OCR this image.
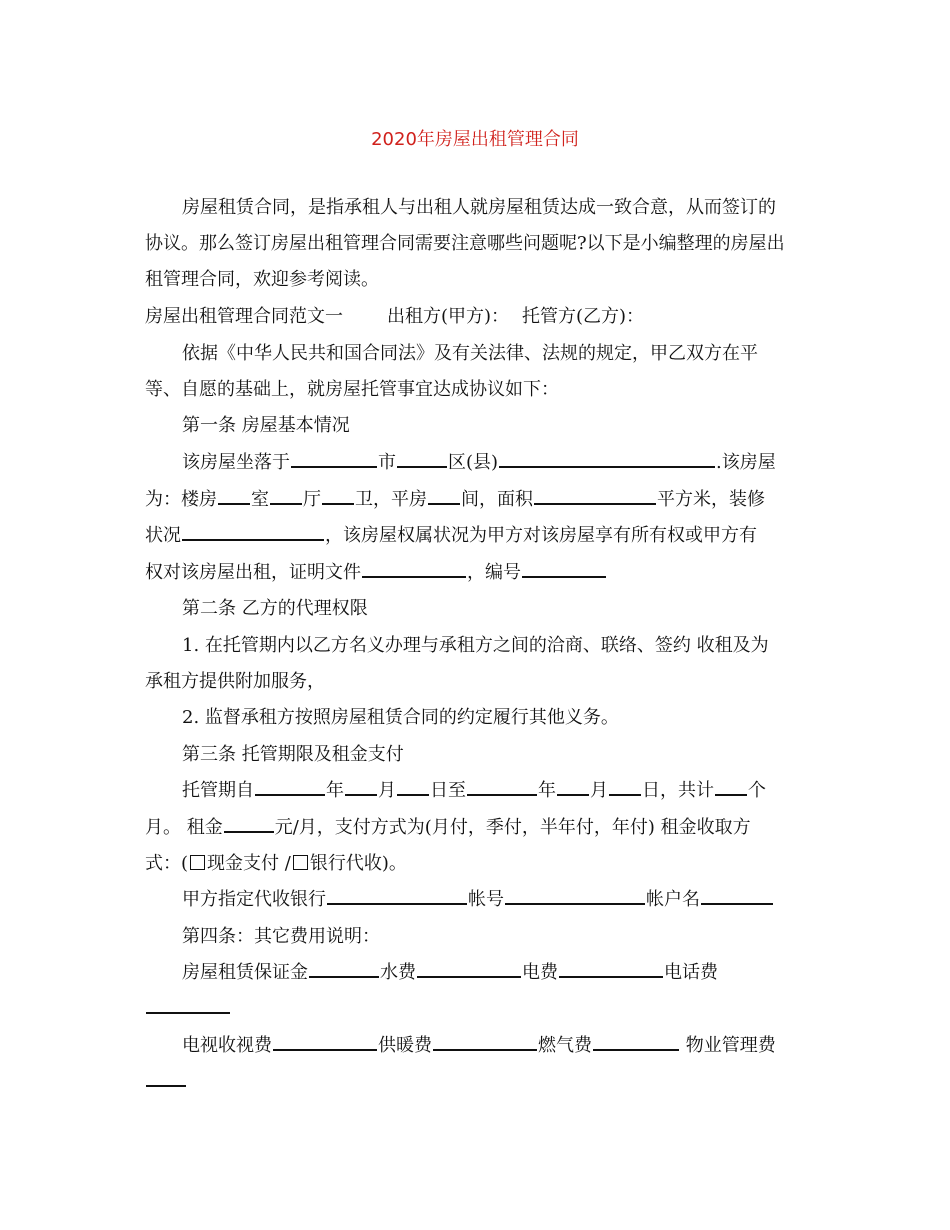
2020年房屋出租管理合同
房屋租赁合同，是指承租人与出租人就房屋租赁达成一致合意，从而签订的
协议。那么签订房屋出租管理合同需要注意哪些问题呢?以下是小编整理的房屋出
租管理合同，欢迎参考阅读。
房屋出租管理合同范文一 出租方(甲方)： 托管方(乙方)：
依据《中华人民共和国合同法》及有关法律、法规的规定，甲乙双方在平
等、自愿的基础上，就房屋托管事宜达成协议如下：
第一条 房屋基本情况
该房屋坐落于	市	区(县)	.该房屋
为：楼房 室 厅 卫，平房 间，面积	平方米，装修
状况	，该房屋权属状况为甲方对该房屋享有所有权或甲方有
权对该房屋出租，证明文件	，编号
第二条 乙方的代理权限
1. 在托管期内以乙方名义办理与承租方之间的洽商、联络、签约 收租及为
承租方提供附加服务，
2. 监督承租方按照房屋租赁合同的约定履行其他义务。
第三条 托管期限及租金支付
托管期自	年 月 日至	年 月 日，共计 个
月。 租金	元/月，支付方式为(月付，季付，半年付，年付) 租金收取方
式：( 现金支付 / 银行代收)。
甲方指定代收银行	帐号	帐户名
第四条：其它费用说明：
房屋租赁保证金	水费	电费	电话费
电视收视费	供暖费	燃气费	物业管理费
